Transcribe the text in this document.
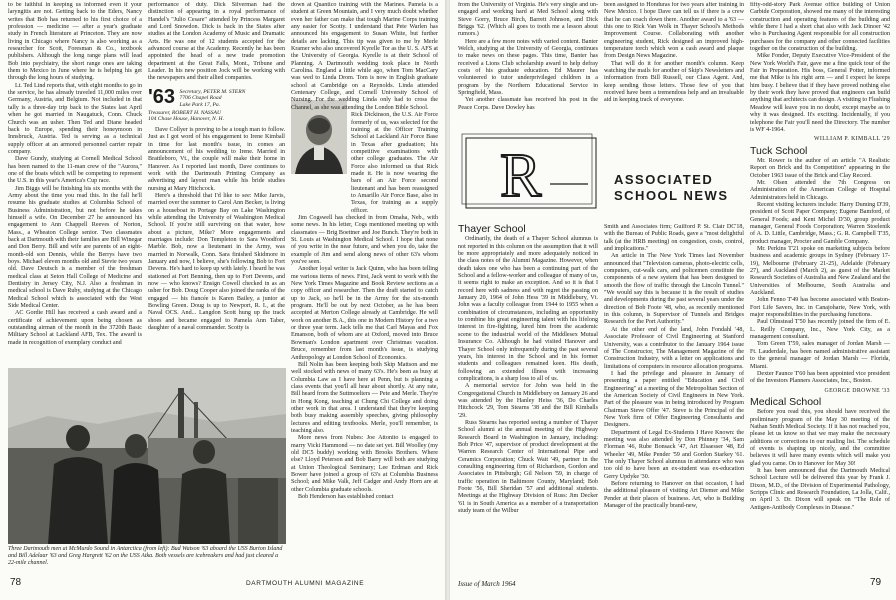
to be faithful in keeping us informed even if your laryngitis are not. Getting back to the Eders, Nancy writes that Bob has returned to his first choice of a profession — medicine — after a year's graduate study in French literature at Princeton. They are now living in Chicago where Nancy is also working as a researcher for Scott, Foresman & Co., textbook publishers. Although the long range plans will lead Bob into psychiatry, the short range ones are taking them to Mexico in June where he is helping his get through the long hours of studying.

Lt. Ted Lind reports that, with eight months to go in the service, he has already traveled 11,000 miles over Germany, Austria, and Belgium. Not included in that tally is a three-day trip back to the States last April when he got married in Naugatuck, Conn. Chuck Church was an usher. Then Ted and Diane headed back to Europe, spending their honeymoon in Innsbruck, Austria. Ted is serving as a technical supply officer at an armored personnel carrier repair company.

Dave Gundy, studying at Cornell Medical School has been named to the 11-man crew of the "Aurora," one of the boats which will be competing to represent the U.S. in this year's America's Cup race.

Jim Biggs will be finishing his six months with the Army about the time you read this. In the fall he'll resume his graduate studies at Columbia School of Business Administration, but not before he takes himself a wife. On December 27 he announced his engagement to Ann Chappell Reeves of Norton, Mass., a Wheaton College senior. Two classmates back at Dartmouth with their families are Bill Winegar and Don Berry. Bill and wife are parents of an eight-month-old son Dennis, while the Berrys have two boys. Michael eleven months old and Stevie two years old. Dave Deutsch is a member of the freshman medical class at Seton Hall College of Medicine and Dentistry in Jersey City, N.J. Also a freshman in medical school is Dave Ruby, studying at the Chicago Medical School which is associated with the West Side Medical Center.

AC Gordie Hill has received a cash award and a certificate of achievement upon being chosen as outstanding airman of the month in the 3720th Basic Military School at Lackland AFB, Tex. The award is made in recognition of exemplary conduct and

performance of duty. Dick Silverman had the distinction of appearing in a royal performance of Handel's "Julio Cesare" attended by Princess Margaret and Lord Snowdon. Dick is back in the States after studies at the London Academy of Music and Dramatic Arts. He was one of 12 students accepted for the advanced course at the Academy. Recently he has been appointed the head of a new trade promotion department at the Great Falls, Mont., Tribune and Leader. In his new position Jock will be working with the newspapers and their allied companies.

'63 Secretary, PETER M. STERN
7706 Chapel Road
Lake Park 17, Pa.
Treasurer, ROBERT H. NASSAU
104 Chase House, Hanover, N. H.

Dave Collyer is proving to be a tough man to follow. Just as I got word of his engagement to Irene Kimball in time for last month's issue, in comes an announcement of his wedding to Irene. Married in Brattleboro, Vt., the couple will make their home in Hanover. As I reported last month, Dave continues to work with the Dartmouth Printing Company as advertising and layout man while his bride studies nursing at Mary Hitchcock.

Here's a threshold that I'd like to see: Mike Jarvis, married over the summer to Carol Ann Becker, is living on a houseboat in Portage Bay on Lake Washington while attending the University of Washington Medical School. If you're still surviving on that water, how about a picture, Mike? More engagements and marriages include: Don Templeton to Sara Woodford Marble. Bob, now a lieutenant in the Army, was married in Norwalk, Conn. Sara finished Skidmore in January and now, I believe, she's following Bob to Fort Devens. He's hard to keep up with lately. I heard he was stationed at Fort Benning, then up to Fort Devens, and now — who knows? Ensign Cowell checked in as an usher for Bob. Doug Cooper also joined the ranks of the engaged — his fiancée is Karen Bailey, a junior at Bowling Green. Doug is up to Newport, R. I., at the Naval OCS. And... Langdon Scott hung up the track shoes and became engaged to Pamela Ann Taber, daughter of a naval commander. Scotty is

down at Quantico training with the Marines. Pamela is a student at Green Mountain, and I very much doubt whether even her father can make that tough Marine Corps training any easier for Scotty. I understand that Pete Warlen has announced his engagement to Susan White, but further details are lacking. This tip was given to me by Merle Kramer who also uncovered Kyrelle Tor as the U. S. AFS at the University of Georgia. Kyrelle is at their School of Planning. A Dartmouth wedding took place in North Carolina. England a little while ago, when Tom MacCary was wed to Linda Drom. Tom is now in English graduate school at Cambridge on a Reynolds. Linda attended Centenary College, and Cornell University School of Nursing. For the wedding Linda only had to cross the Channel, as she was attending the London Bible School.

Rick Dickinson, the U.S. Air Force formerly of us, was selected for the training at the Officer Training School at Lackland Air Force Base in Texas after graduation; his competitive examinations with other college graduates. The Air Force also informed us that Rick made it. He is now wearing the bars of an Air Force second lieutenant and has been reassigned to Amarillo Air Force Base, also in Texas, for training as a supply officer.

Jim Cogswell has checked in from Omaha, Neb., with some news. In his letter, Cogs mentioned meeting up with classmates — Brig Boettner and Joe Bunch. They're both in St. Louis at Washington Medical School. I hope that none of you write in the near future, and when you do, take the example of Jim and send along news of other 63's whom you've seen.

Another loyal writer is Jack Quinn, who has been telling me various items of news. First, Jack went to work with the New York Times Magazine and Book Review sections as a copy officer and researcher. Then the draft started to catch up to Jack, so he'll be in the Army for the six-month program. He'll be out by next October, as he has been accepted at Merton College already at Cambridge. He will work on another B.A., this one in Modern History for a two or three year term. Jack tells me that Carl Mayas and Fox Emanson, both of whom are at Oxford, moved into Bruce Bowman's London apartment over Christmas vacation. Bruce, remember from last month's issue, is studying Anthropology at London School of Economics.

Bill Nolin has been keeping both Skip Mattson and me well stocked with news of many 63's. He's been as busy at Columbia Law as I have here at Penn, but is planning a class events that you'll all hear about shortly. At any rate, Bill heard from the Suttmoelters — Pete and Merle. They're in Hong Kong, teaching at Chung Chi College and doing other work in that area. I understand that they're keeping both busy making assembly speeches, giving philosophy lectures and editing textbooks. Merle, you'll remember, is teaching also.

More news from Nubes: Joe Attonito is engaged to marry Vicki Hammond — no date set yet. Bill Woolley (my old DC5 buddy) working with Brooks Brothers. Where else? Lloyd Peterson and Bob Barry will both are studying at Union Theological Seminary; Lee Erdman and Rick Bower have joined a group of 63's at Columbia Business School; and Mike Valk, Jeff Cadger and Andy Horn are at other Columbia graduate schools.

Bob Henderson has established contact

Three Dartmouth men at McMurdo Sound in Antarctica (from left): Bud Watson '63 aboard the USS Burton Island and Bill Adelaar '63 and Greg Hargrett '62 on the USS Atka. Both vessels are icebreakers and had just cleared a 22-mile channel.
78	DARTMOUTH ALUMNI MAGAZINE

from the University of Virginia. He's very single and un-engaged and working hard at Med School along with Steve Gorry, Bruce Birch, Barrett Johnson, and Dick Briggs '62. (Which all goes to tooth me a lesson about rumors.)

Here are a few more notes with varied content. Banter Welch, studying at the University of Georgia, continues to make news on these pages. This time, Banter has received a Lions Club scholarship award to help defray costs of his graduate education. Ed Maurer has volunteered to tutor underprivileged children in a program by the Northern Educational Service in Springfield, Mass.

Yet another classmate has received his post in the Peace Corps. Dave Dowley has

been assigned to Honduras for two years after training in New Mexico. I hope Dave can tell us if there is a crew that he can coach down there. Another award to a '63 — this one to Rick Van Wolk in Thayer School's Methods Improvement Course. Collaborating with another engineering student, Rick designed an improved high-temperature torch which won a cash award and plaque from Design News Magazine.

That will do it for another month's column. Keep watching the mails for another of Skip's Newsletters and information from Bill Russell, our Class Agent. And, keep sending those letters. Those few of you that received have been a tremendous help and an invaluable aid in keeping track of everyone.

R	ASSOCIATED
SCHOOL NEWS
Thayer School

Ordinarily, the death of a Thayer School alumnus is not reported in this column on the assumption that it will be more appropriately and more adequately noticed in the class notes of the Alumni Magazine. However, when death takes one who has been a continuing part of the School and a fellow-worker and colleague of many of us, it seems right to make an exception. And so it is that I record here with sadness and with regret the passing on January 20, 1964 of John Hess '39 in Middlebury, Vt. John was a faculty colleague from 1944 to 1955 when a combination of circumstances, including an opportunity to combine his great engineering talent with his lifelong interest in fire-fighting, lured him from the academic scene to the industrial world of the Middlesex Mutual Insurance Co. Although he had visited Hanover and Thayer School only infrequently during the past several years, his interest in the School and in his former students and colleagues remained keen. His death, following an extended illness with increasing complications, is a sharp loss to all of us.

A memorial service for John was held in the Congregational Church in Middlebury on January 26 and was attended by the Hanley Heiss '36, Do Charles Hitchcock '29, Tom Stearns '38 and the Bill Kimballs '29.

Russ Stearns has reported seeing a number of Thayer School alumni at the annual meeting of the Highway Research Board in Washington in January, including: Bob Price '47, supervisor of product development at the Warren Research Center of International Pipe and Ceramics Corporation; Chuck Wait '49, partner in the consulting engineering firm of Richardson, Gordon and Associates in Pittsburgh; Gil Nelson '59, in charge of traffic operation in Baltimore County, Maryland; Bob Foote '56, Bill Sheridan '57 and additional students. Meetings at the Highway Division of Russ: Jim Decker '61 is in South America as a member of a transportation study team of the Wilbur

Smith and Associates firm; Guilford P. St. Clair DC'18, with the Bureau of Public Roads, gave a "most delightful talk (at the HRB meeting) on congestion, costs, control, and implications."

An article in The New York Times last November announced that "Television cameras, photo-electric cells, computers, cut-walk cars, and policemen constitute the components of a new system that has been designed to smooth the flow of traffic through the Lincoln Tunnel." "We would say this is because it is the result of studies and developments during the past several years under the direction of Bob Foote '48, who, as recently mentioned in this column, is Supervisor of Tunnels and Bridges Research for the Port Authority."

At the other end of the land, John Fondahl '48, Associate Professor of Civil Engineering at Stanford University, was a contributor to the January 1964 issue of The Constructor, The Management Magazine of the Construction Industry, with a letter on applications and limitations of computers in resource allocation programs.

I had the privilege and pleasure in January of presenting a paper entitled "Education and Civil Engineering" at a meeting of the Metropolitan Section of the American Society of Civil Engineers in New York. Part of the pleasure was in being introduced by Program Chairman Steve Offer '47. Steve is the Principal of the New York firm of Offer Engineering Consultants and Designers.

Department of Legal Ex-Students I Have Known: the meeting was also attended by Don Phinney '34, Sam Florman '46, Rube Bonsack '47, Art Elsaesser '48, Ed Wheeler '49, Mike Pender '59 and Gordon Starkey '61. The only Thayer School alumnus in attendance who was too old to have been an ex-student was ex-education Gerry Updyke '30.

Before returning to Hanover on that occasion, I had the additional pleasure of visiting Art Diemer and Mike Pender at their places of business. Art, who is Building Manager of the practically brand-new,

fifty-odd-story Park Avenue office building of Union Carbide Corporation, showed me many of the interesting construction and operating features of the building and while there I had a short chat also with Jack Dinoer '42 who is Purchasing Agent responsible for all construction purchases for the company and other connected facilities together on the construction of the building.

Mike Fonder, Deputy Executive Vice-President of the New York World's Fair, gave me a fine quick tour of the Fair in Preparation. His boss, General Potter, informed me that Mike is his right arm — and I expect he keeps him busy. I believe that if they have proved nothing else by their work they have proved that engineers can build anything that architects can design. A visiting to Flushing Meadow will leave you in no doubt, except maybe as to why it was designed. It's exciting. Incidentally, if you telephone the Fair you'll need the Directory. The number is WF 4-1964.

WILLIAM P. KIMBALL '29
Tuck School

Mr. Rower is the author of an article "A Realistic Report on Brick and Its Competition" appearing in the October 1963 issue of the Brick and Clay Record.

Mr. Olsen attended the 7th Congress on Administration of the American College of Hospital Administrators held in Chicago.

Recent visiting lecturers include: Harry Duming D'39, president of Scott Paper Company; Eugene Bamford, of General Foods; and Kent Michel D'30, group product manager, General Foods Corporation; Warren Stoelenik of A. D. Little, Cambridge, Mass.; G. R. Campbell T'35, product manager, Procter and Gamble Company.

Mr. Perkins T'21 spoke on marketing subjects before business and academic groups in Sydney (February 17-19), Melbourne (February 21-25), Adelaide (February 27), and Auckland (March 2), as guest of the Market Research Societies of Australia and New Zealand and the Universities of Melbourne, South Australia and Auckland.

John Fenno T'49 has become associated with Boston-Fort Life Savers, Inc. in Canajoharie, New York, with major responsibilities in the purchasing functions.

Paul Olmstead T'50 has recently joined the firm of E. L. Reilly Company, Inc., New York City, as a management consultant.

Tom Green T'59, sales manager of Jordan Marsh — Ft. Lauderdale, has been named administrative assistant to the general manager of Jordan Marsh — Florida, Miami.

Dexter Faunce T'60 has been appointed vice president of the Investors Planners Associates, Inc., Boston.

GEORGE DROWNE '33
Medical School

Before you read this, you should have received the preliminary program of the May 30 meeting of the Nathan Smith Medical Society. If it has not reached you, please let us know so that we may make the necessary additions or corrections in our mailing list. The schedule of events is shaping up nicely, and the committee believes it will have many events which will make you glad you came. On to Hanover for May 30!

It has been announced that the Dartmouth Medical School Lecture will be delivered this year by Frank J. Dixon, M.D., of the Division of Experimental Pathology, Scripps Clinic and Research Foundation, La Jolla, Calif., on April 3. Dr. Dixon will speak on "The Role of Antigen-Antibody Complexes in Disease."

Issue of March 1964	79
